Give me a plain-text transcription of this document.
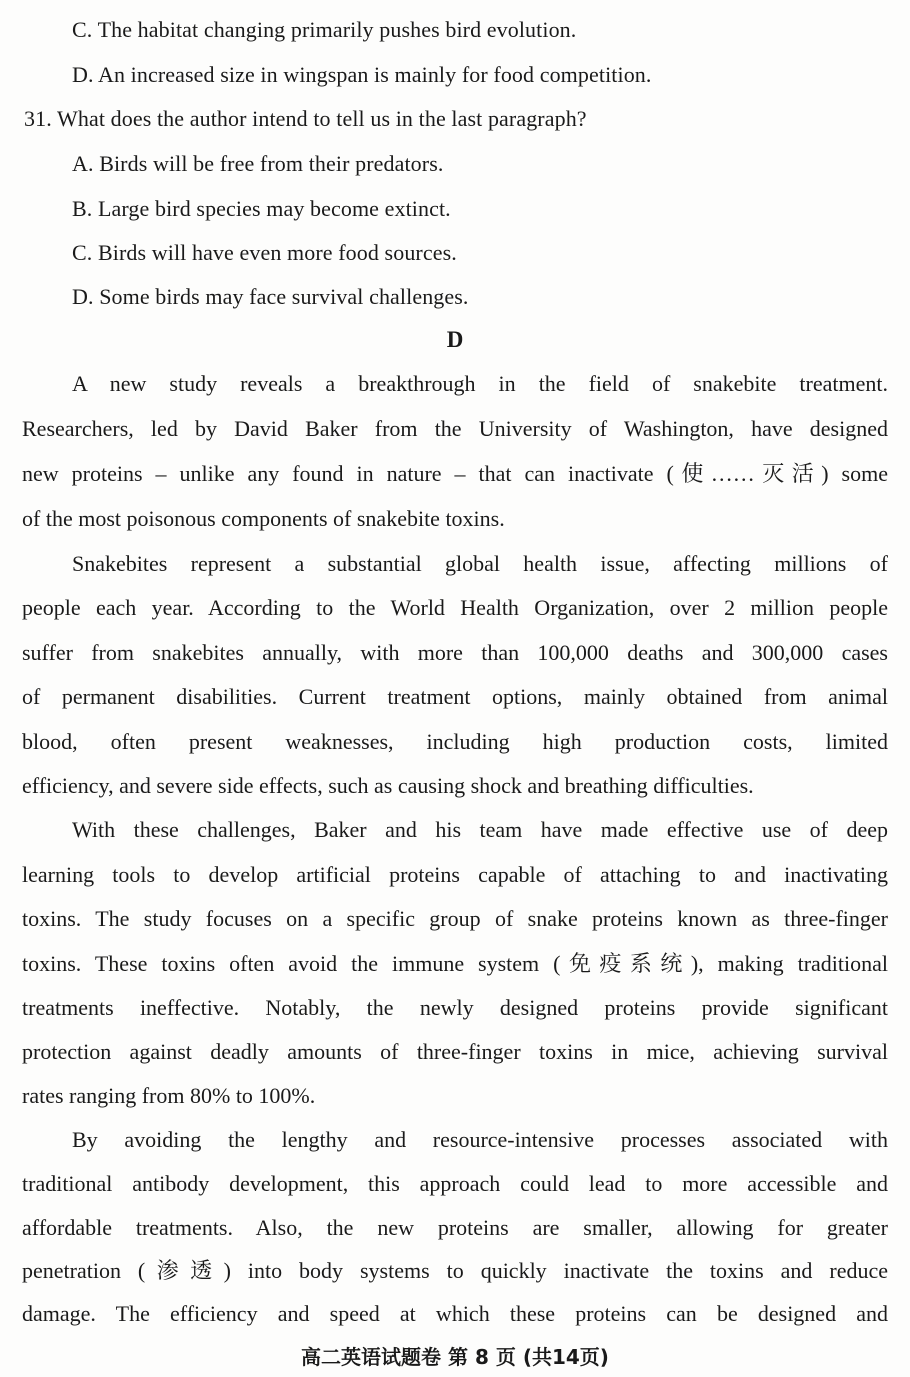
C. The habitat changing primarily pushes bird evolution.
D. An increased size in wingspan is mainly for food competition.
31. What does the author intend to tell us in the last paragraph?
A. Birds will be free from their predators.
B. Large bird species may become extinct.
C. Birds will have even more food sources.
D. Some birds may face survival challenges.
D
A new study reveals a breakthrough in the field of snakebite treatment.
Researchers, led by David Baker from the University of Washington, have designed
new proteins – unlike any found in nature – that can inactivate (使……灭活) some
of the most poisonous components of snakebite toxins.
Snakebites represent a substantial global health issue, affecting millions of
people each year. According to the World Health Organization, over 2 million people
suffer from snakebites annually, with more than 100,000 deaths and 300,000 cases
of permanent disabilities. Current treatment options, mainly obtained from animal
blood, often present weaknesses, including high production costs, limited
efficiency, and severe side effects, such as causing shock and breathing difficulties.
With these challenges, Baker and his team have made effective use of deep
learning tools to develop artificial proteins capable of attaching to and inactivating
toxins. The study focuses on a specific group of snake proteins known as three-finger
toxins. These toxins often avoid the immune system (免疫系统), making traditional
treatments ineffective. Notably, the newly designed proteins provide significant
protection against deadly amounts of three-finger toxins in mice, achieving survival
rates ranging from 80% to 100%.
By avoiding the lengthy and resource-intensive processes associated with
traditional antibody development, this approach could lead to more accessible and
affordable treatments. Also, the new proteins are smaller, allowing for greater
penetration (渗透) into body systems to quickly inactivate the toxins and reduce
damage. The efficiency and speed at which these proteins can be designed and
高二英语试题卷 第 8 页 (共14页)
